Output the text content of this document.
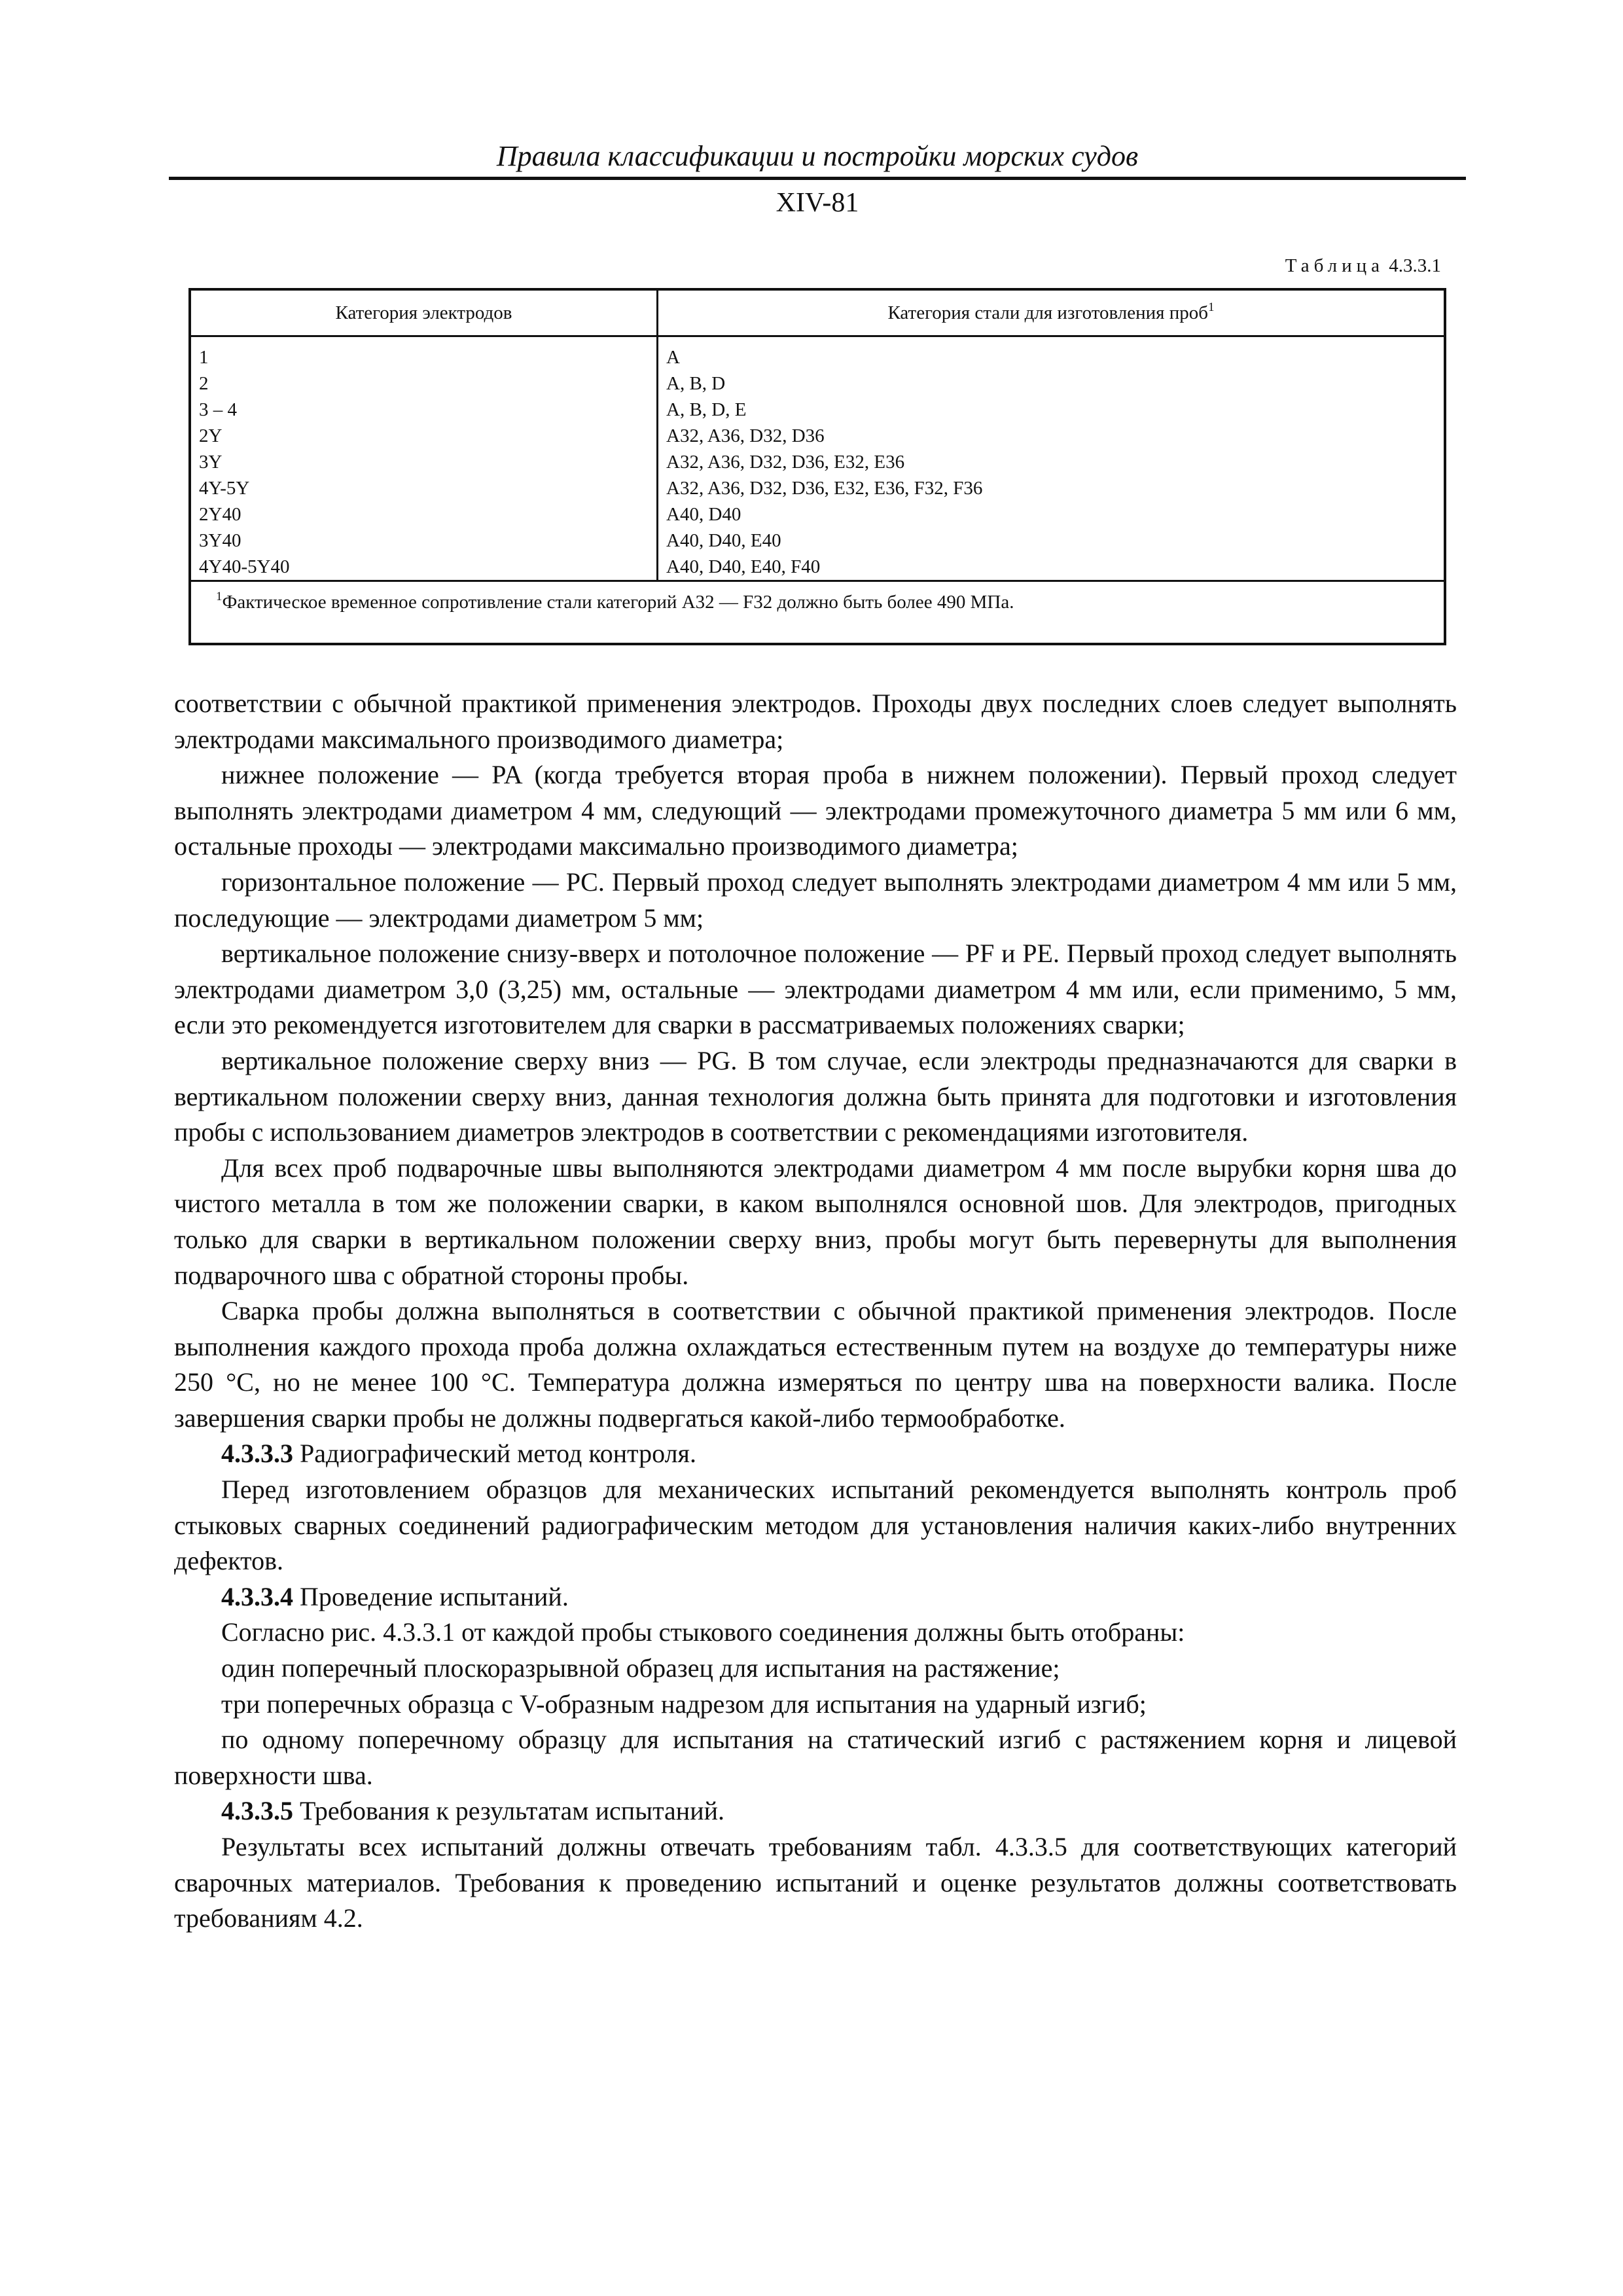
Правила классификации и постройки морских судов
XIV-81
Таблица 4.3.3.1
Категория электродов	Категория стали для изготовления проб$^1$
1	A
2	A, B, D
3 – 4	A, B, D, E
2Y	A32, A36, D32, D36
3Y	A32, A36, D32, D36, E32, E36
4Y-5Y	A32, A36, D32, D36, E32, E36, F32, F36
2Y40	A40, D40
3Y40	A40, D40, E40
4Y40-5Y40	A40, D40, E40, F40
$^1$Фактическое временное сопротивление стали категорий A32 — F32 должно быть более 490 МПа.

соответствии с обычной практикой применения электродов. Проходы двух последних слоев следует выполнять электродами максимального производимого диаметра;

нижнее положение — PA (когда требуется вторая проба в нижнем положении). Первый проход следует выполнять электродами диаметром 4 мм, следующий — электродами промежуточного диаметра 5 мм или 6 мм, остальные проходы — электродами максимально производимого диаметра;

горизонтальное положение — PC. Первый проход следует выполнять электродами диаметром 4 мм или 5 мм, последующие — электродами диаметром 5 мм;

вертикальное положение снизу-вверх и потолочное положение — PF и PE. Первый проход следует выполнять электродами диаметром 3,0 (3,25) мм, остальные — электродами диаметром 4 мм или, если применимо, 5 мм, если это рекомендуется изготовителем для сварки в рассматриваемых положениях сварки;

вертикальное положение сверху вниз — PG. В том случае, если электроды предназначаются для сварки в вертикальном положении сверху вниз, данная технология должна быть принята для подготовки и изготовления пробы с использованием диаметров электродов в соответствии с рекомендациями изготовителя.

Для всех проб подварочные швы выполняются электродами диаметром 4 мм после вырубки корня шва до чистого металла в том же положении сварки, в каком выполнялся основной шов. Для электродов, пригодных только для сварки в вертикальном положении сверху вниз, пробы могут быть перевернуты для выполнения подварочного шва с обратной стороны пробы.

Сварка пробы должна выполняться в соответствии с обычной практикой применения электродов. После выполнения каждого прохода проба должна охлаждаться естественным путем на воздухе до температуры ниже 250 °C, но не менее 100 °C. Температура должна измеряться по центру шва на поверхности валика. После завершения сварки пробы не должны подвергаться какой-либо термообработке.

4.3.3.3 Радиографический метод контроля.

Перед изготовлением образцов для механических испытаний рекомендуется выполнять контроль проб стыковых сварных соединений радиографическим методом для установления наличия каких-либо внутренних дефектов.

4.3.3.4 Проведение испытаний.

Согласно рис. 4.3.3.1 от каждой пробы стыкового соединения должны быть отобраны:

один поперечный плоскоразрывной образец для испытания на растяжение;

три поперечных образца с V-образным надрезом для испытания на ударный изгиб;

по одному поперечному образцу для испытания на статический изгиб с растяжением корня и лицевой поверхности шва.

4.3.3.5 Требования к результатам испытаний.

Результаты всех испытаний должны отвечать требованиям табл. 4.3.3.5 для соответствующих категорий сварочных материалов. Требования к проведению испытаний и оценке результатов должны соответствовать требованиям 4.2.
